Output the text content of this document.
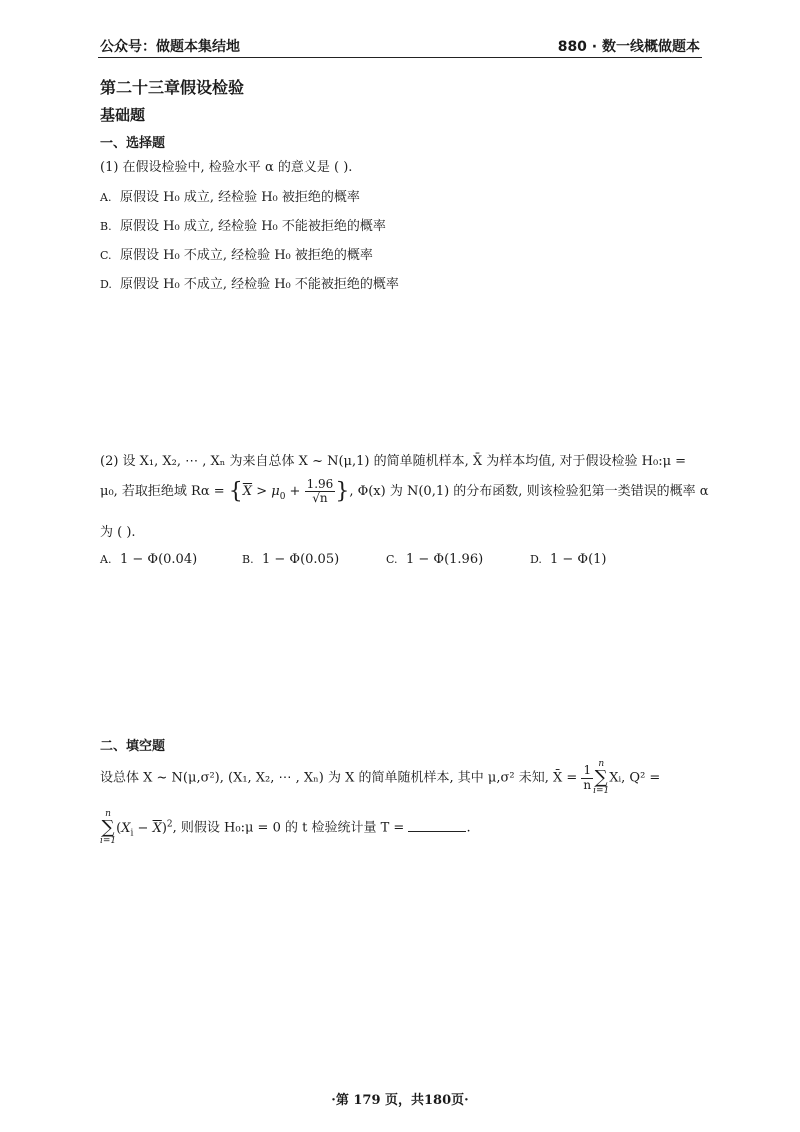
公众号：做题本集结地	880 · 数一线概做题本
第二十三章假设检验
基础题
一、选择题
(1) 在假设检验中, 检验水平 α 的意义是 ( ).
A. 原假设 H₀ 成立, 经检验 H₀ 被拒绝的概率
B. 原假设 H₀ 成立, 经检验 H₀ 不能被拒绝的概率
C. 原假设 H₀ 不成立, 经检验 H₀ 被拒绝的概率
D. 原假设 H₀ 不成立, 经检验 H₀ 不能被拒绝的概率
(2) 设 X₁, X₂, ⋯ , Xₙ 为来自总体 X ~ N(μ,1) 的简单随机样本, X̄ 为样本均值, 对于假设检验 H₀:μ =
μ₀, 若取拒绝域 $R\alpha = \{\overline{X} > \mu_0 + \frac{1.96}{√n}$ }, Φ(x) 为 N(0,1) 的分布函数, 则该检验犯第一类错误的概率 α
为 ( ).
A. 1 − Φ(0.04)	B. 1 − Φ(0.05)	C. 1 − Φ(1.96)	D. 1 − Φ(1)
二、填空题
设总体 X ~ N(μ,σ²), (X₁, X₂, ⋯ , Xₙ) 为 X 的简单随机样本, 其中 μ,σ² 未知, X̄ = $\frac{1}{n}$
n
∑
i=1
Xᵢ, Q² =
n
∑
i=1
$(X_i - \overline{X})^2$, 则假设 H₀:μ = 0 的 t 检验统计量 T =	.
·第 179 页，共180页·
